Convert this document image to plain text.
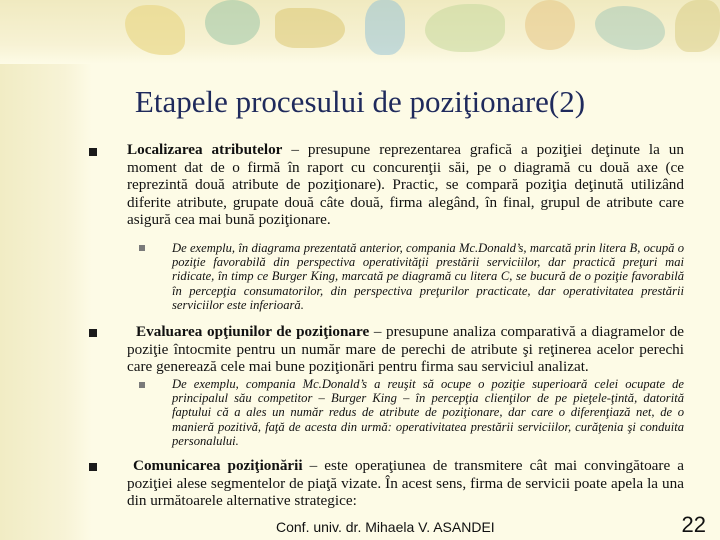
Etapele procesului de poziţionare(2)
Localizarea atributelor – presupune reprezentarea grafică a poziţiei deţinute la un moment dat de o firmă în raport cu concurenţii săi, pe o diagramă cu două axe (ce reprezintă două atribute de poziţionare). Practic, se compară poziţia deţinută utilizând diferite atribute, grupate două câte două, firma alegând, în final, grupul de atribute care asigură cea mai bună poziţionare.
De exemplu, în diagrama prezentată anterior, compania Mc.Donald’s, marcată prin litera B, ocupă o poziţie favorabilă din perspectiva operativităţii prestării serviciilor, dar practică preţuri mai ridicate, în timp ce Burger King, marcată pe diagramă cu litera C, se bucură de o poziţie favorabilă în percepţia consumatorilor, din perspectiva preţurilor practicate, dar operativitatea prestării serviciilor este inferioară.
Evaluarea opţiunilor de poziţionare – presupune analiza comparativă a diagramelor de poziţie întocmite pentru un număr mare de perechi de atribute şi reţinerea acelor perechi care generează cele mai bune poziţionări pentru firma sau serviciul analizat.
De exemplu, compania Mc.Donald’s a reuşit să ocupe o poziţie superioară celei ocupate de principalul său competitor – Burger King – în percepţia clienţilor de pe pieţele-ţintă, datorită faptului că a ales un număr redus de atribute de poziţionare, dar care o diferenţiază net, de o manieră pozitivă, faţă de acesta din urmă: operativitatea prestării serviciilor, curăţenia şi conduita personalului.
Comunicarea poziţionării – este operaţiunea de transmitere cât mai convingătoare a poziţiei alese segmentelor de piaţă vizate. În acest sens, firma de servicii poate apela la una din următoarele alternative strategice:
Conf. univ. dr. Mihaela V. ASANDEI	22
